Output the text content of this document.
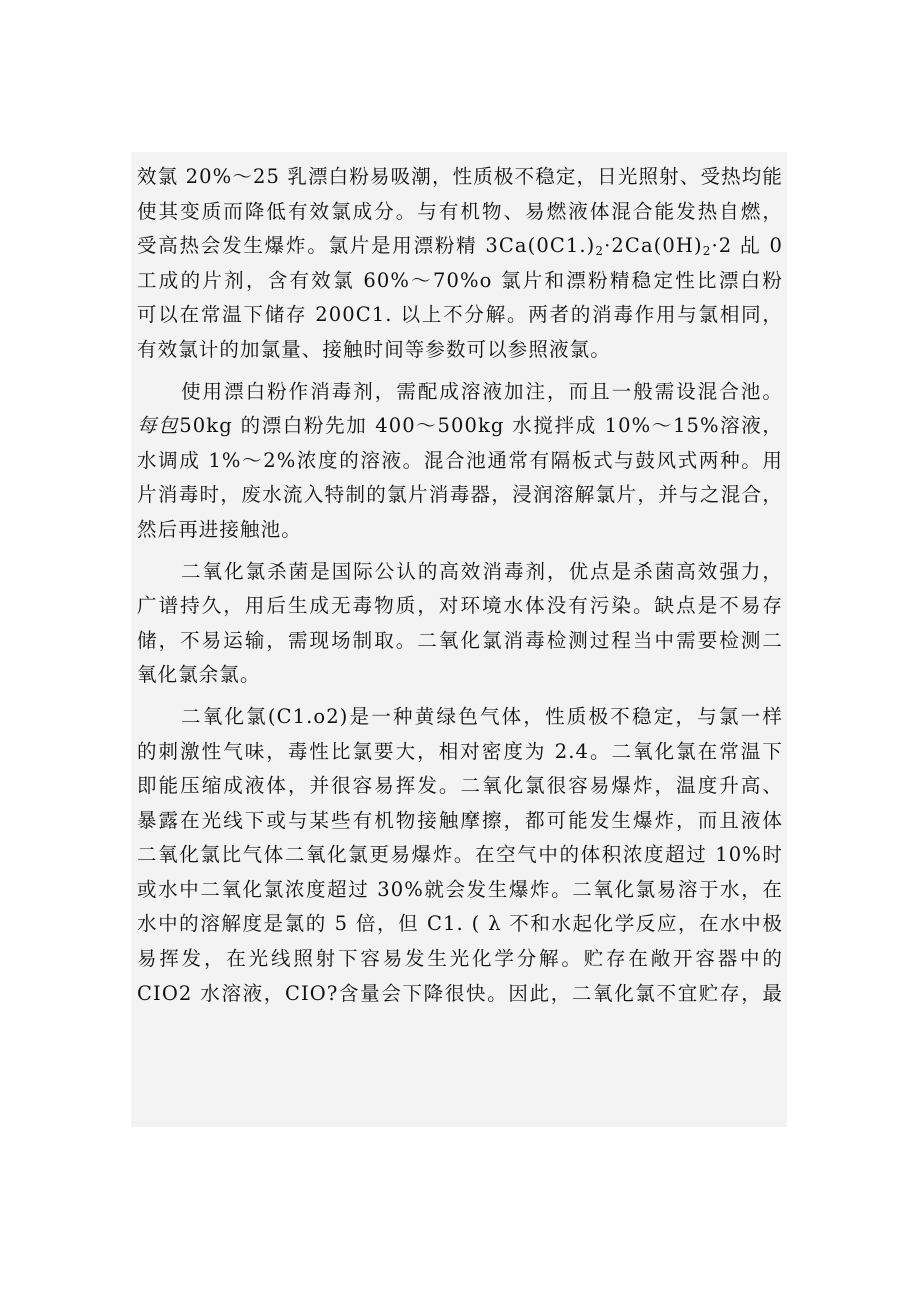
效氯 20%～25 乳漂白粉易吸潮，性质极不稳定，日光照射、受热均能
使其变质而降低有效氯成分。与有机物、易燃液体混合能发热自燃，
受高热会发生爆炸。氯片是用漂粉精 $3Ca(0C1.)_2\cdot 2Ca(0H)_2\cdot 2$ 乩 0
工成的片剂，含有效氯 60%～70%o 氯片和漂粉精稳定性比漂白粉
可以在常温下储存 200C1. 以上不分解。两者的消毒作用与氯相同，
有效氯计的加氯量、接触时间等参数可以参照液氯。
使用漂白粉作消毒剂，需配成溶液加注，而且一般需设混合池。
每包50kg 的漂白粉先加 400～500kg 水搅拌成 10%～15%溶液，
水调成 1%～2%浓度的溶液。混合池通常有隔板式与鼓风式两种。用
片消毒时，废水流入特制的氯片消毒器，浸润溶解氯片，并与之混合，
然后再进接触池。
二氧化氯杀菌是国际公认的高效消毒剂，优点是杀菌高效强力，
广谱持久，用后生成无毒物质，对环境水体没有污染。缺点是不易存
储，不易运输，需现场制取。二氧化氯消毒检测过程当中需要检测二
氧化氯余氯。
二氧化氯(C1.o2)是一种黄绿色气体，性质极不稳定，与氯一样
的刺激性气味，毒性比氯要大，相对密度为 2.4。二氧化氯在常温下
即能压缩成液体，并很容易挥发。二氧化氯很容易爆炸，温度升高、
暴露在光线下或与某些有机物接触摩擦，都可能发生爆炸，而且液体
二氧化氯比气体二氧化氯更易爆炸。在空气中的体积浓度超过 10%时
或水中二氧化氯浓度超过 30%就会发生爆炸。二氧化氯易溶于水，在
水中的溶解度是氯的 5 倍，但 C1. ( λ 不和水起化学反应，在水中极
易挥发，在光线照射下容易发生光化学分解。贮存在敞开容器中的
CIO2 水溶液，CIO?含量会下降很快。因此，二氧化氯不宜贮存，最
